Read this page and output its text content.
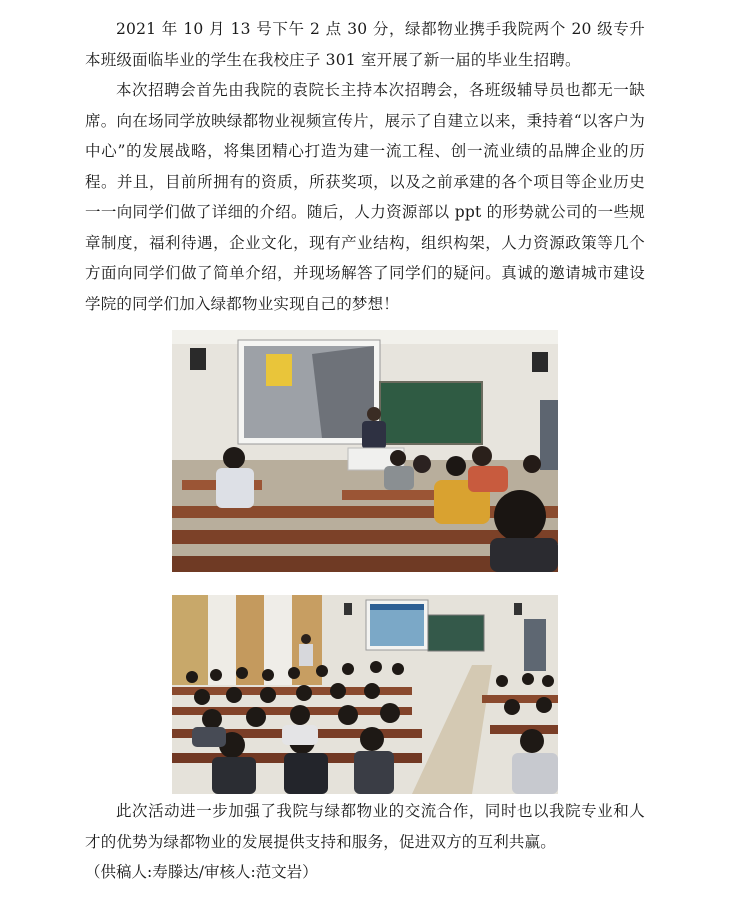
2021 年 10 月 13 号下午 2 点 30 分，绿都物业携手我院两个 20 级专升本班级面临毕业的学生在我校庄子 301 室开展了新一届的毕业生招聘。

本次招聘会首先由我院的袁院长主持本次招聘会，各班级辅导员也都无一缺席。向在场同学放映绿都物业视频宣传片，展示了自建立以来，秉持着“以客户为中心”的发展战略，将集团精心打造为建一流工程、创一流业绩的品牌企业的历程。并且，目前所拥有的资质，所获奖项，以及之前承建的各个项目等企业历史一一向同学们做了详细的介绍。随后，人力资源部以 ppt 的形势就公司的一些规章制度，福利待遇，企业文化，现有产业结构，组织构架，人力资源政策等几个方面向同学们做了简单介绍，并现场解答了同学们的疑问。真诚的邀请城市建设学院的同学们加入绿都物业实现自己的梦想！

此次活动进一步加强了我院与绿都物业的交流合作，同时也以我院专业和人才的优势为绿都物业的发展提供支持和服务，促进双方的互利共赢。

（供稿人:寿滕达/审核人:范文岩）
